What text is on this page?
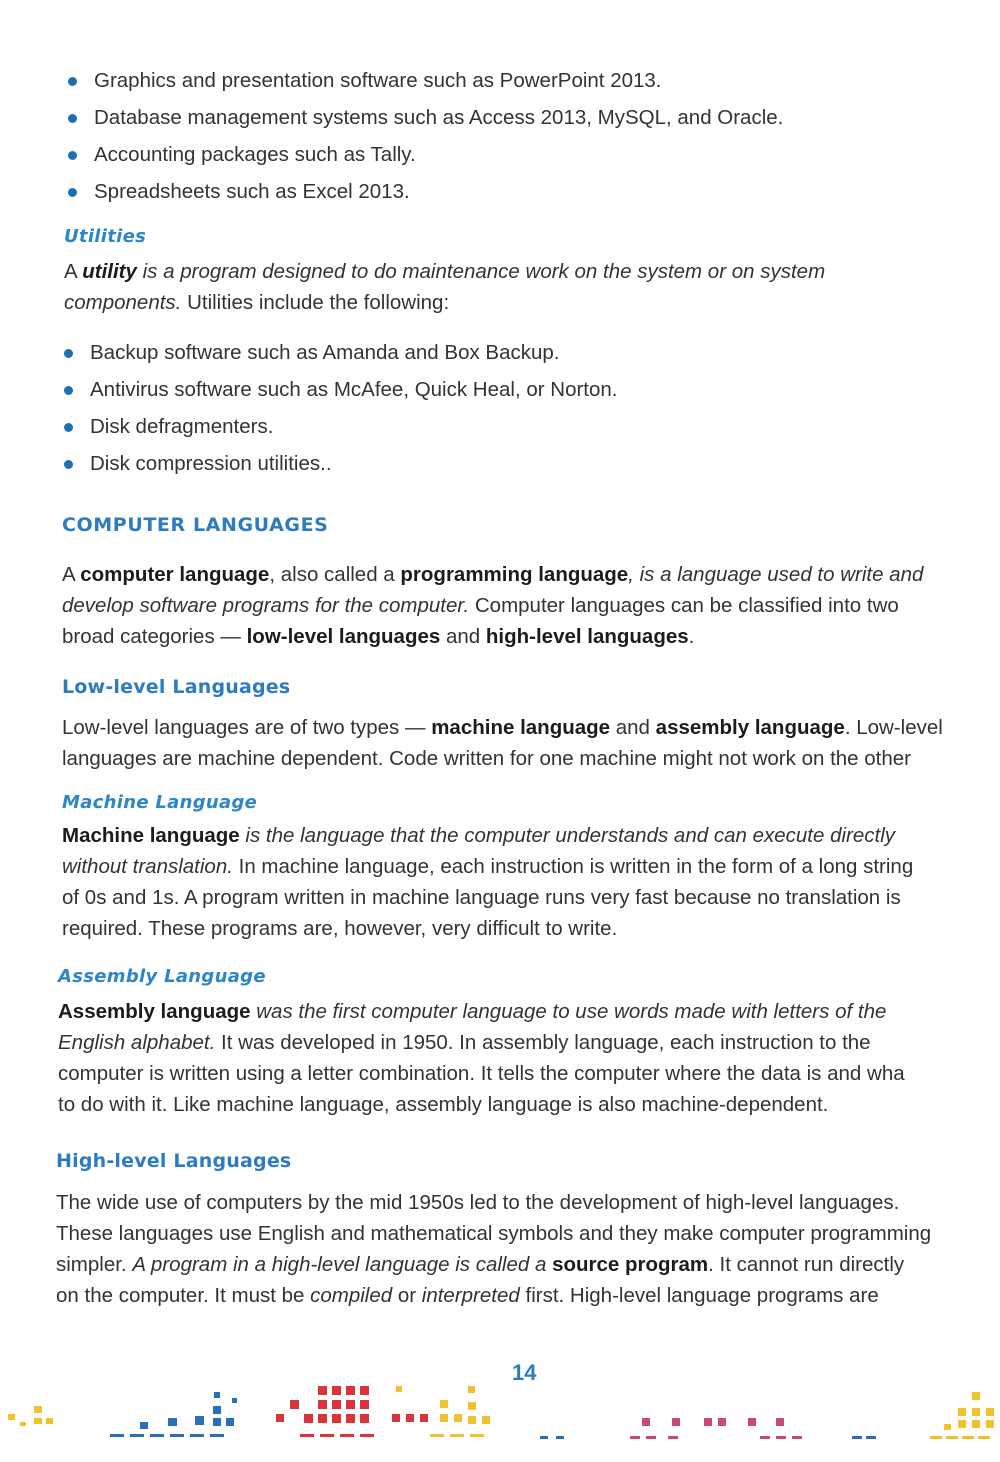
Graphics and presentation software such as PowerPoint 2013.
Database management systems such as Access 2013, MySQL, and Oracle.
Accounting packages such as Tally.
Spreadsheets such as Excel 2013.
Utilities
A utility is a program designed to do maintenance work on the system or on system
components. Utilities include the following:
Backup software such as Amanda and Box Backup.
Antivirus software such as McAfee, Quick Heal, or Norton.
Disk defragmenters.
Disk compression utilities..
COMPUTER LANGUAGES
A computer language, also called a programming language, is a language used to write and
develop software programs for the computer. Computer languages can be classified into two
broad categories — low-level languages and high-level languages.
Low-level Languages
Low-level languages are of two types — machine language and assembly language. Low-level
languages are machine dependent. Code written for one machine might not work on the other
Machine Language
Machine language is the language that the computer understands and can execute directly
without translation. In machine language, each instruction is written in the form of a long string
of 0s and 1s. A program written in machine language runs very fast because no translation is
required. These programs are, however, very difficult to write.
Assembly Language
Assembly language was the first computer language to use words made with letters of the
English alphabet. It was developed in 1950. In assembly language, each instruction to the
computer is written using a letter combination. It tells the computer where the data is and wha
to do with it. Like machine language, assembly language is also machine-dependent.
High-level Languages
The wide use of computers by the mid 1950s led to the development of high-level languages.
These languages use English and mathematical symbols and they make computer programming
simpler. A program in a high-level language is called a source program. It cannot run directly
on the computer. It must be compiled or interpreted first. High-level language programs are
14
